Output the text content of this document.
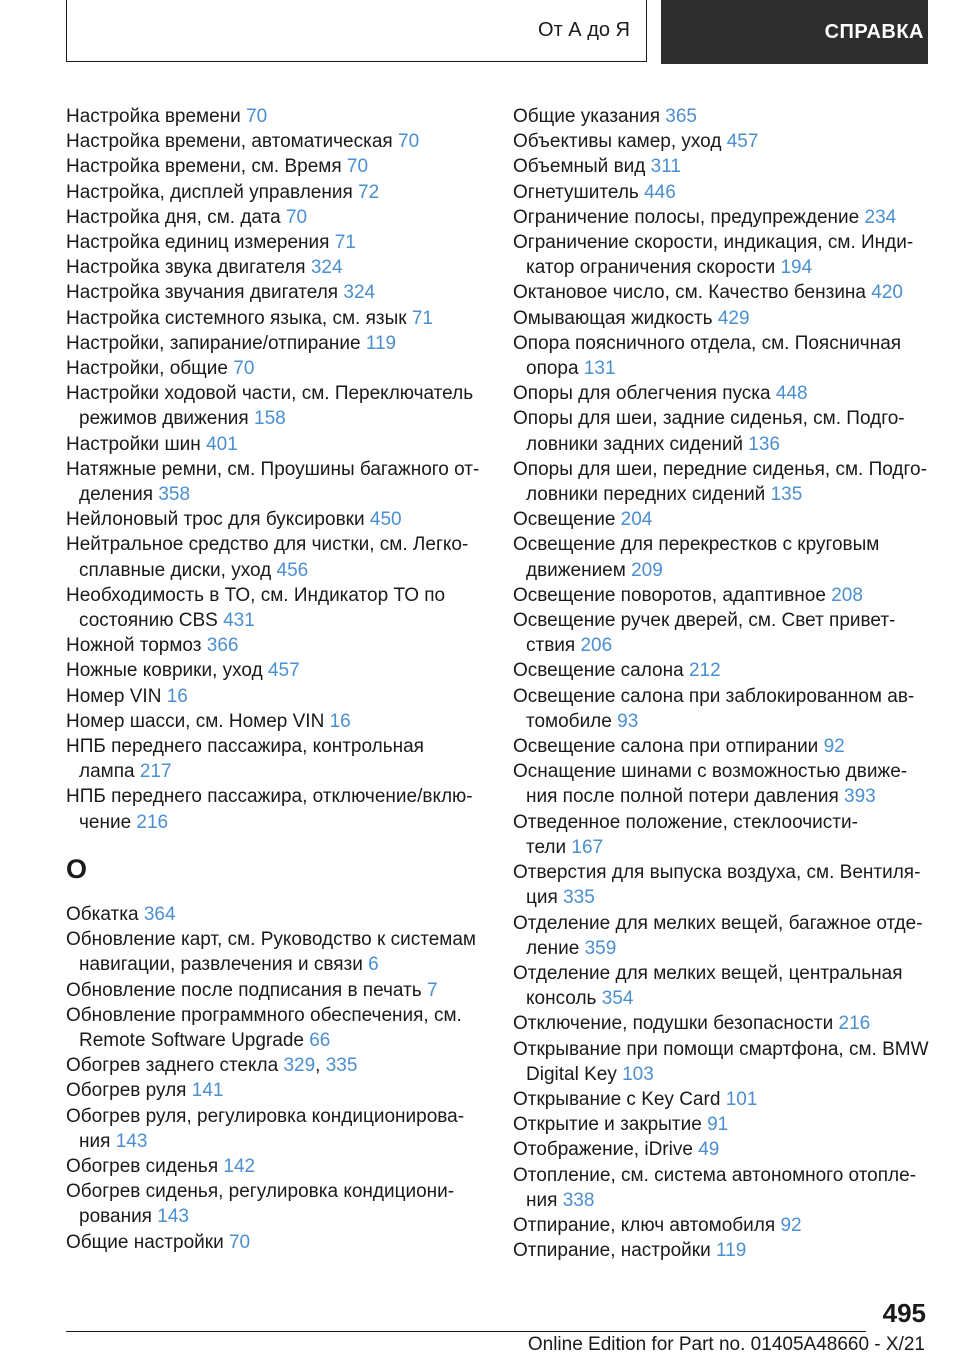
От А до Я	СПРАВКА
Настройка времени 70
Настройка времени, автоматическая 70
Настройка времени, см. Время 70
Настройка, дисплей управления 72
Настройка дня, см. дата 70
Настройка единиц измерения 71
Настройка звука двигателя 324
Настройка звучания двигателя 324
Настройка системного языка, см. язык 71
Настройки, запирание/отпирание 119
Настройки, общие 70
Настройки ходовой части, см. Переключатель
режимов движения 158
Настройки шин 401
Натяжные ремни, см. Проушины багажного от-
деления 358
Нейлоновый трос для буксировки 450
Нейтральное средство для чистки, см. Легко-
сплавные диски, уход 456
Необходимость в ТО, см. Индикатор ТО по
состоянию CBS 431
Ножной тормоз 366
Ножные коврики, уход 457
Номер VIN 16
Номер шасси, см. Номер VIN 16
НПБ переднего пассажира, контрольная
лампа 217
НПБ переднего пассажира, отключение/вклю-
чение 216
О
Обкатка 364
Обновление карт, см. Руководство к системам
навигации, развлечения и связи 6
Обновление после подписания в печать 7
Обновление программного обеспечения, см.
Remote Software Upgrade 66
Обогрев заднего стекла 329, 335
Обогрев руля 141
Обогрев руля, регулировка кондиционирова-
ния 143
Обогрев сиденья 142
Обогрев сиденья, регулировка кондициони-
рования 143
Общие настройки 70
Общие указания 365
Объективы камер, уход 457
Объемный вид 311
Огнетушитель 446
Ограничение полосы, предупреждение 234
Ограничение скорости, индикация, см. Инди-
катор ограничения скорости 194
Октановое число, см. Качество бензина 420
Омывающая жидкость 429
Опора поясничного отдела, см. Поясничная
опора 131
Опоры для облегчения пуска 448
Опоры для шеи, задние сиденья, см. Подго-
ловники задних сидений 136
Опоры для шеи, передние сиденья, см. Подго-
ловники передних сидений 135
Освещение 204
Освещение для перекрестков с круговым
движением 209
Освещение поворотов, адаптивное 208
Освещение ручек дверей, см. Свет привет-
ствия 206
Освещение салона 212
Освещение салона при заблокированном ав-
томобиле 93
Освещение салона при отпирании 92
Оснащение шинами с возможностью движе-
ния после полной потери давления 393
Отведенное положение, стеклоочисти-
тели 167
Отверстия для выпуска воздуха, см. Вентиля-
ция 335
Отделение для мелких вещей, багажное отде-
ление 359
Отделение для мелких вещей, центральная
консоль 354
Отключение, подушки безопасности 216
Открывание при помощи смартфона, см. BMW
Digital Key 103
Открывание с Key Card 101
Открытие и закрытие 91
Отображение, iDrive 49
Отопление, см. система автономного отопле-
ния 338
Отпирание, ключ автомобиля 92
Отпирание, настройки 119
495
Online Edition for Part no. 01405A48660 - X/21
